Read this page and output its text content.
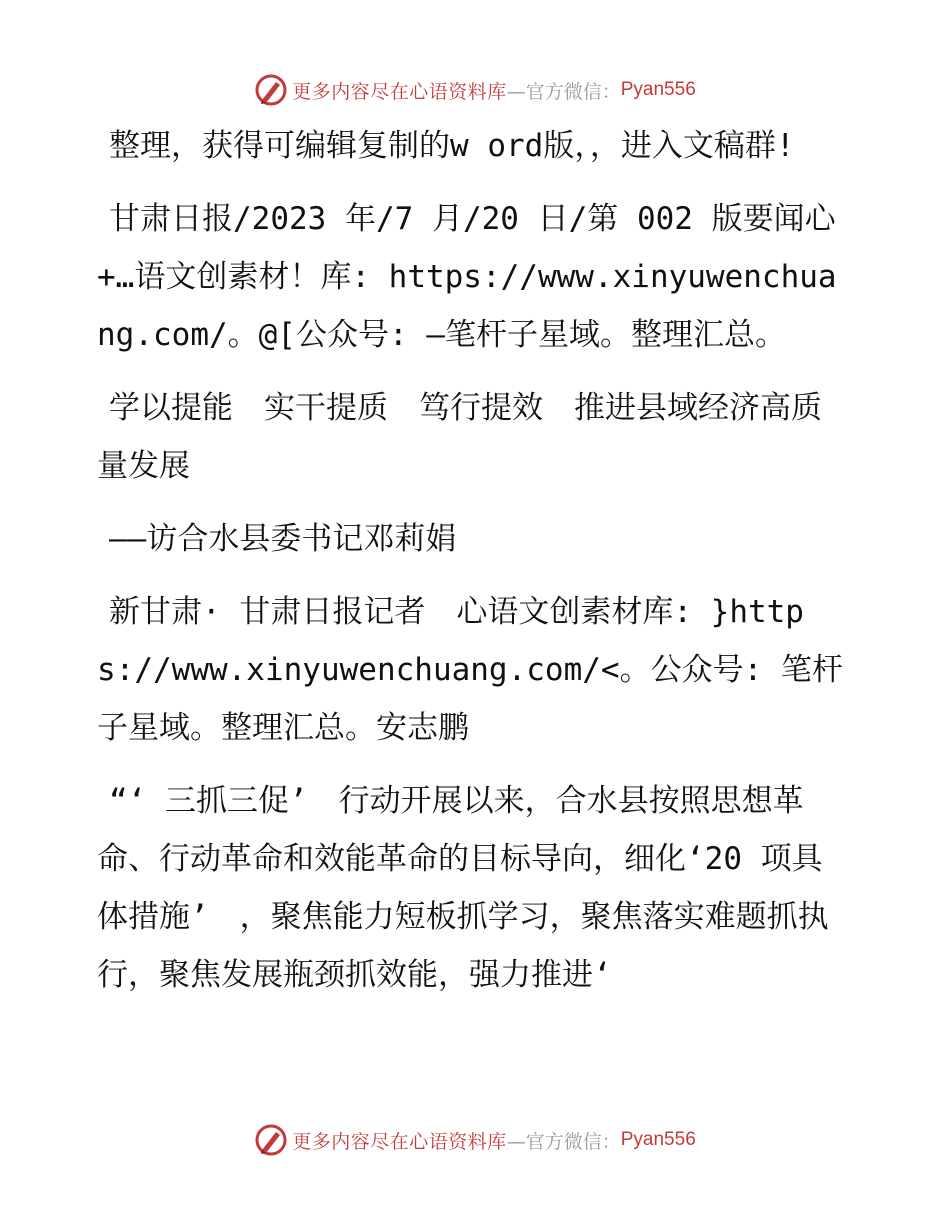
更多内容尽在心语资料库 —官方微信： Pyan556

整理，获得可编辑复制的w ord版，，进入文稿群!

甘肃日报/2023 年/7 月/20 日/第 002 版要闻心+…语文创素材！库: https://www.xinyuwenchuang.com/。@[公众号: —笔杆子星域。整理汇总。

学以提能　实干提质　笃行提效　推进县域经济高质量发展

——访合水县委书记邓莉娟

新甘肃· 甘肃日报记者　心语文创素材库: }https://www.xinyuwenchuang.com/<。公众号: 笔杆子星域。整理汇总。安志鹏

“‘ 三抓三促’　行动开展以来，合水县按照思想革命、行动革命和效能革命的目标导向，细化‘20 项具体措施’　，聚焦能力短板抓学习，聚焦落实难题抓执行，聚焦发展瓶颈抓效能，强力推进‘

更多内容尽在心语资料库 —官方微信： Pyan556
